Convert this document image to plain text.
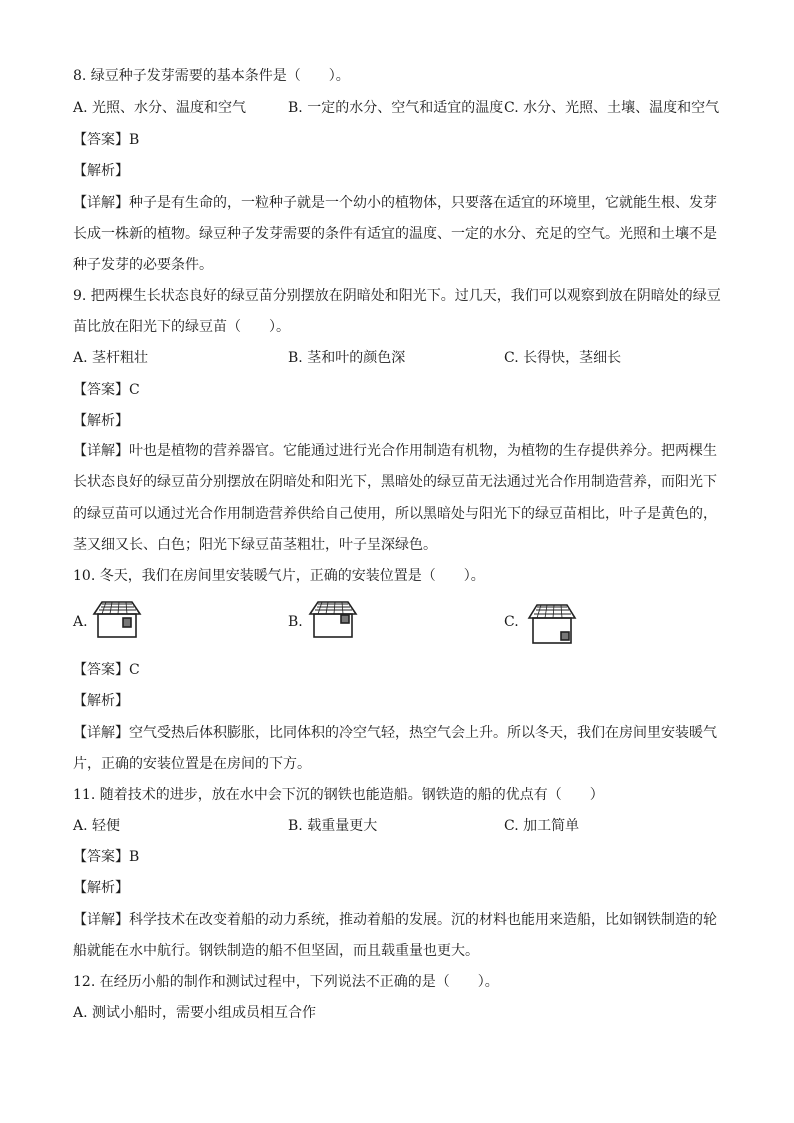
8. 绿豆种子发芽需要的基本条件是（　　）。
A. 光照、水分、温度和空气	B. 一定的水分、空气和适宜的温度 C. 水分、光照、土壤、温度和空气
【答案】B
【解析】
【详解】种子是有生命的，一粒种子就是一个幼小的植物体，只要落在适宜的环境里，它就能生根、发芽
长成一株新的植物。绿豆种子发芽需要的条件有适宜的温度、一定的水分、充足的空气。光照和土壤不是
种子发芽的必要条件。
9. 把两棵生长状态良好的绿豆苗分别摆放在阴暗处和阳光下。过几天，我们可以观察到放在阴暗处的绿豆
苗比放在阳光下的绿豆苗（　　）。
A. 茎杆粗壮	B. 茎和叶的颜色深	C. 长得快，茎细长
【答案】C
【解析】
【详解】叶也是植物的营养器官。它能通过进行光合作用制造有机物，为植物的生存提供养分。把两棵生
长状态良好的绿豆苗分别摆放在阴暗处和阳光下，黑暗处的绿豆苗无法通过光合作用制造营养，而阳光下
的绿豆苗可以通过光合作用制造营养供给自己使用，所以黑暗处与阳光下的绿豆苗相比，叶子是黄色的，
茎又细又长、白色；阳光下绿豆苗茎粗壮，叶子呈深绿色。
10. 冬天，我们在房间里安装暖气片，正确的安装位置是（　　）。
A.	B.	C.
【答案】C
【解析】
【详解】空气受热后体积膨胀，比同体积的冷空气轻，热空气会上升。所以冬天，我们在房间里安装暖气
片，正确的安装位置是在房间的下方。
11. 随着技术的进步，放在水中会下沉的钢铁也能造船。钢铁造的船的优点有（　　）
A. 轻便	B. 载重量更大	C. 加工简单
【答案】B
【解析】
【详解】科学技术在改变着船的动力系统，推动着船的发展。沉的材料也能用来造船，比如钢铁制造的轮
船就能在水中航行。钢铁制造的船不但坚固，而且载重量也更大。
12. 在经历小船的制作和测试过程中，下列说法不正确的是（　　）。
A. 测试小船时，需要小组成员相互合作
